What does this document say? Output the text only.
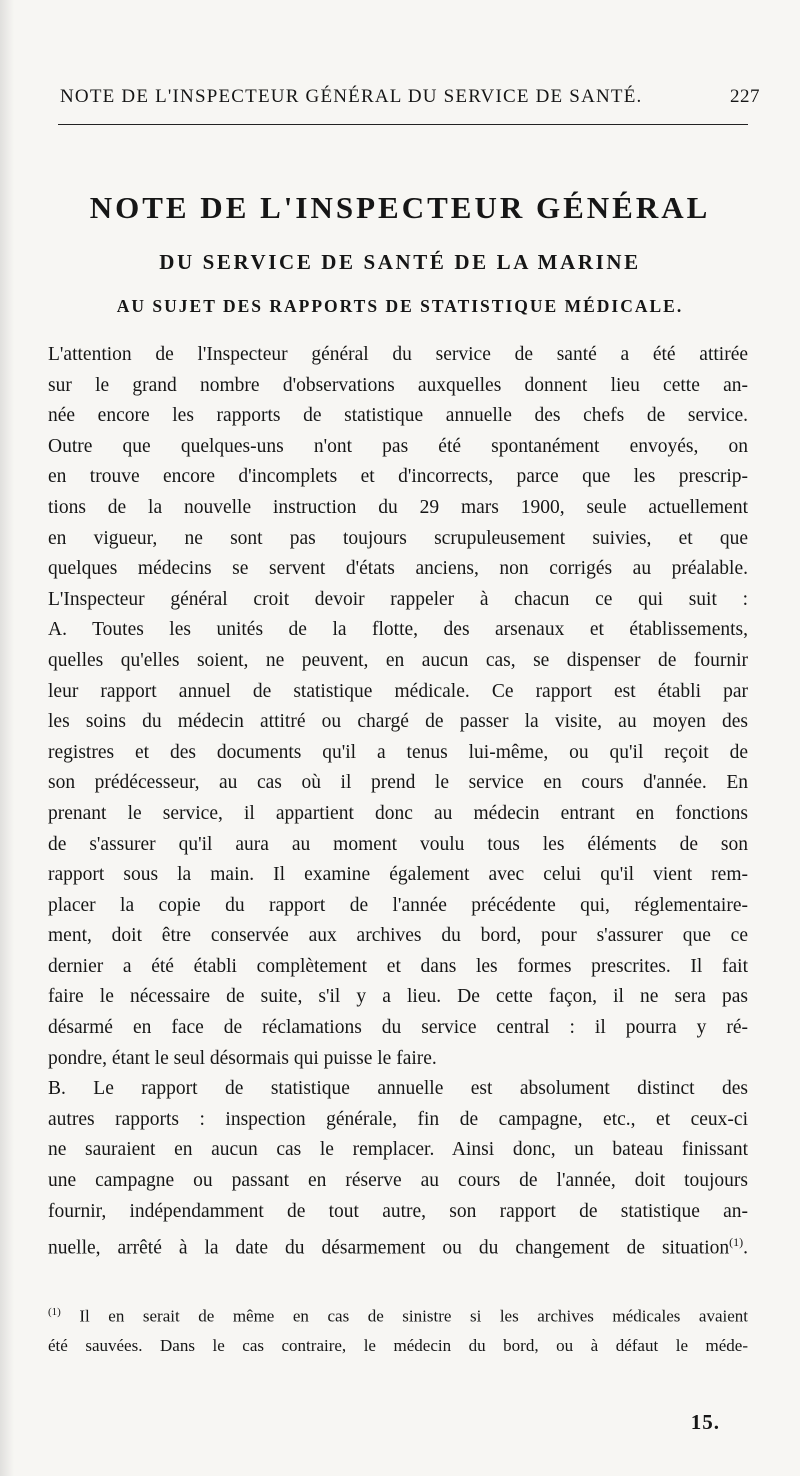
NOTE DE L'INSPECTEUR GÉNÉRAL DU SERVICE DE SANTÉ.	227
NOTE DE L'INSPECTEUR GÉNÉRAL
DU SERVICE DE SANTÉ DE LA MARINE
AU SUJET DES RAPPORTS DE STATISTIQUE MÉDICALE.
L'attention de l'Inspecteur général du service de santé a été attirée
sur le grand nombre d'observations auxquelles donnent lieu cette an-
née encore les rapports de statistique annuelle des chefs de service.
Outre que quelques-uns n'ont pas été spontanément envoyés, on
en trouve encore d'incomplets et d'incorrects, parce que les prescrip-
tions de la nouvelle instruction du 29 mars 1900, seule actuellement
en vigueur, ne sont pas toujours scrupuleusement suivies, et que
quelques médecins se servent d'états anciens, non corrigés au préalable.
L'Inspecteur général croit devoir rappeler à chacun ce qui suit :
A. Toutes les unités de la flotte, des arsenaux et établissements,
quelles qu'elles soient, ne peuvent, en aucun cas, se dispenser de fournir
leur rapport annuel de statistique médicale. Ce rapport est établi par
les soins du médecin attitré ou chargé de passer la visite, au moyen des
registres et des documents qu'il a tenus lui-même, ou qu'il reçoit de
son prédécesseur, au cas où il prend le service en cours d'année. En
prenant le service, il appartient donc au médecin entrant en fonctions
de s'assurer qu'il aura au moment voulu tous les éléments de son
rapport sous la main. Il examine également avec celui qu'il vient rem-
placer la copie du rapport de l'année précédente qui, réglementaire-
ment, doit être conservée aux archives du bord, pour s'assurer que ce
dernier a été établi complètement et dans les formes prescrites. Il fait
faire le nécessaire de suite, s'il y a lieu. De cette façon, il ne sera pas
désarmé en face de réclamations du service central : il pourra y ré-
pondre, étant le seul désormais qui puisse le faire.
B. Le rapport de statistique annuelle est absolument distinct des
autres rapports : inspection générale, fin de campagne, etc., et ceux-ci
ne sauraient en aucun cas le remplacer. Ainsi donc, un bateau finissant
une campagne ou passant en réserve au cours de l'année, doit toujours
fournir, indépendamment de tout autre, son rapport de statistique an-
nuelle, arrêté à la date du désarmement ou du changement de situation$^{(1)}$.
$^{(1)}$ Il en serait de même en cas de sinistre si les archives médicales avaient
été sauvées. Dans le cas contraire, le médecin du bord, ou à défaut le méde-
15.
